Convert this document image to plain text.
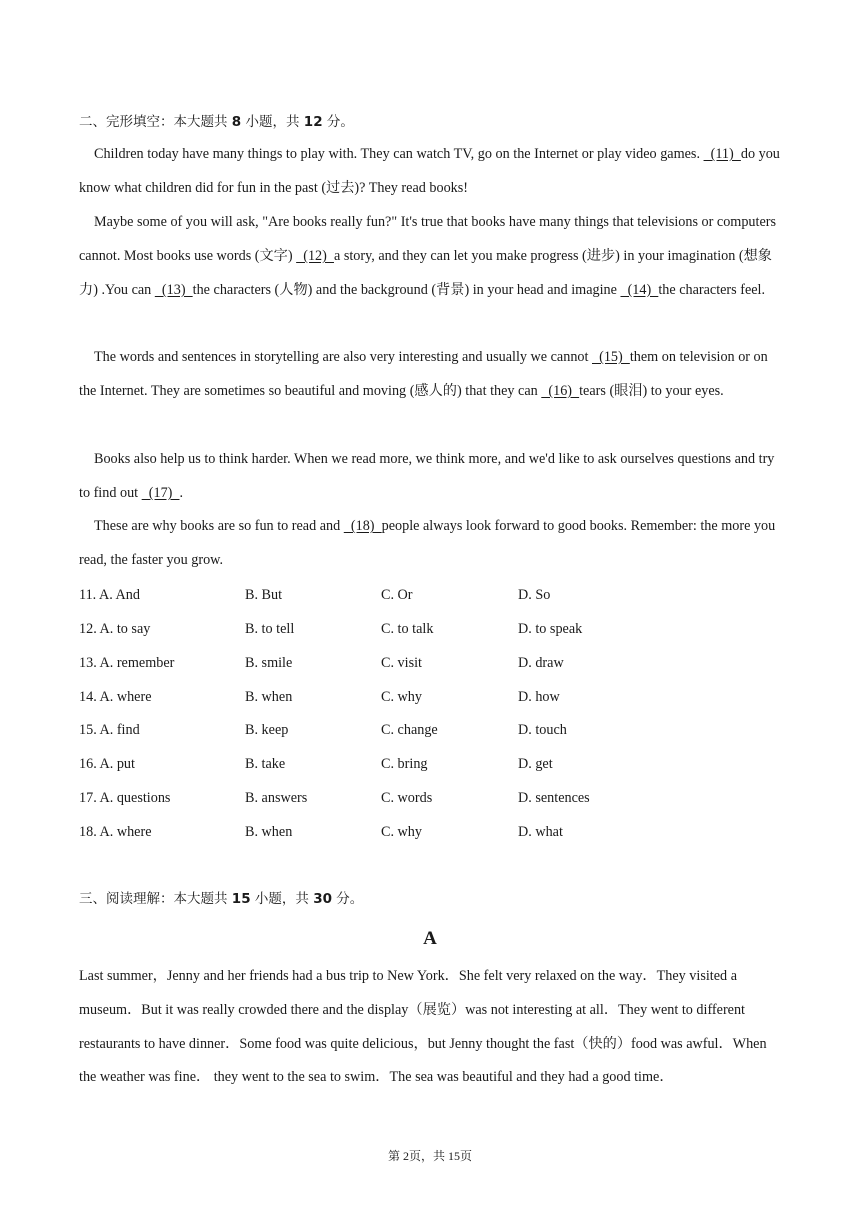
二、完形填空：本大题共 8 小题，共 12 分。

Children today have many things to play with. They can watch TV, go on the Internet or play video games.   (11)  do you know what children did for fun in the past (过去)? They read books!

Maybe some of you will ask, "Are books really fun?" It's true that books have many things that televisions or computers cannot. Most books use words (文字)   (12)  a story, and they can let you make progress (进步) in your imagination (想象力) .You can   (13)  the characters (人物) and the background (背景) in your head and imagine   (14)  the characters feel.

The words and sentences in storytelling are also very interesting and usually we cannot   (15)  them on television or on the Internet. They are sometimes so beautiful and moving (感人的) that they can   (16)  tears (眼泪) to your eyes.

Books also help us to think harder. When we read more, we think more, and we'd like to ask ourselves questions and try to find out   (17)  .

These are why books are so fun to read and   (18)  people always look forward to good books. Remember: the more you read, the faster you grow.

11. A. And	B. But	C. Or	D. So
12. A. to say	B. to tell	C. to talk	D. to speak
13. A. remember	B. smile	C. visit	D. draw
14. A. where	B. when	C. why	D. how
15. A. find	B. keep	C. change	D. touch
16. A. put	B. take	C. bring	D. get
17. A. questions	B. answers	C. words	D. sentences
18. A. where	B. when	C. why	D. what
三、阅读理解：本大题共 15 小题，共 30 分。
A

Last summer，Jenny and her friends had a bus trip to New York．She felt very relaxed on the way．They visited a museum．But it was really crowded there and the display（展览）was not interesting at all．They went to different restaurants to have dinner．Some food was quite delicious，but Jenny thought the fast（快的）food was awful．When the weather was fine． they went to the sea to swim．The sea was beautiful and they had a good time．

第 2页，共 15页
